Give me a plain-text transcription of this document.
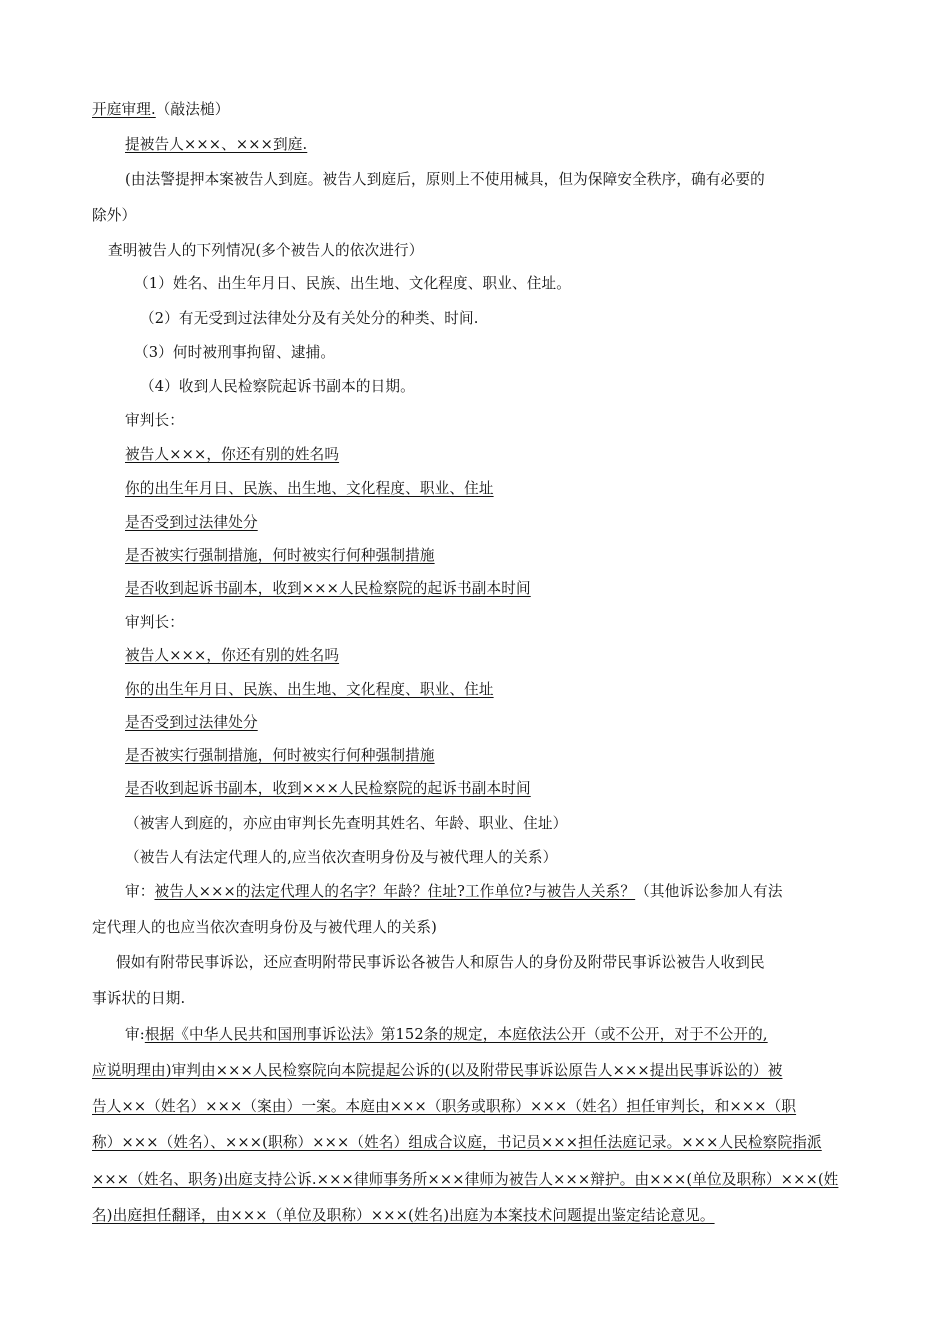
开庭审理.（敲法槌）
提被告人×××、×××到庭.
(由法警提押本案被告人到庭。被告人到庭后，原则上不使用械具，但为保障安全秩序，确有必要的
除外）
查明被告人的下列情况(多个被告人的依次进行）
（1）姓名、出生年月日、民族、出生地、文化程度、职业、住址。
（2）有无受到过法律处分及有关处分的种类、时间.
（3）何时被刑事拘留、逮捕。
（4）收到人民检察院起诉书副本的日期。
审判长：
被告人×××，你还有别的姓名吗
你的出生年月日、民族、出生地、文化程度、职业、住址
是否受到过法律处分
是否被实行强制措施，何时被实行何种强制措施
是否收到起诉书副本，收到×××人民检察院的起诉书副本时间
审判长：
被告人×××，你还有别的姓名吗
你的出生年月日、民族、出生地、文化程度、职业、住址
是否受到过法律处分
是否被实行强制措施，何时被实行何种强制措施
是否收到起诉书副本，收到×××人民检察院的起诉书副本时间
（被害人到庭的，亦应由审判长先查明其姓名、年龄、职业、住址）
（被告人有法定代理人的,应当依次查明身份及与被代理人的关系）
审：被告人×××的法定代理人的名字？年龄？住址?工作单位?与被告人关系？（其他诉讼参加人有法
定代理人的也应当依次查明身份及与被代理人的关系)
假如有附带民事诉讼，还应查明附带民事诉讼各被告人和原告人的身份及附带民事诉讼被告人收到民
事诉状的日期.
审:根据《中华人民共和国刑事诉讼法》第152条的规定，本庭依法公开（或不公开，对于不公开的,
应说明理由)审判由×××人民检察院向本院提起公诉的(以及附带民事诉讼原告人×××提出民事诉讼的）被
告人××（姓名）×××（案由）一案。本庭由×××（职务或职称）×××（姓名）担任审判长，和×××（职
称）×××（姓名）、×××(职称）×××（姓名）组成合议庭，书记员×××担任法庭记录。×××人民检察院指派
×××（姓名、职务)出庭支持公诉.×××律师事务所×××律师为被告人×××辩护。由×××(单位及职称）×××(姓
名)出庭担任翻译，由×××（单位及职称）×××(姓名)出庭为本案技术问题提出鉴定结论意见。
